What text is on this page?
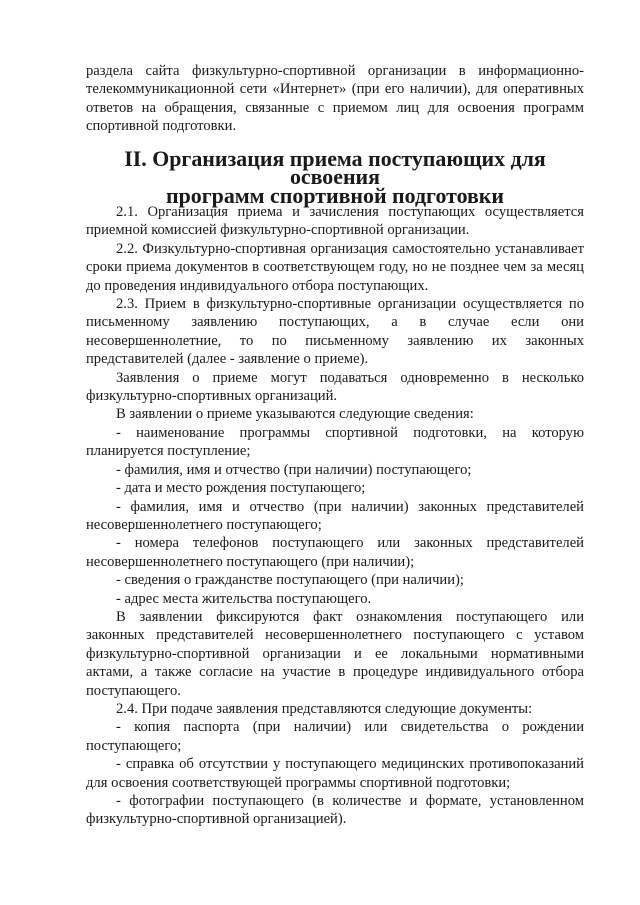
раздела сайта физкультурно-спортивной организации в информационно-телекоммуникационной сети «Интернет» (при его наличии), для оперативных ответов на обращения, связанные с приемом лиц для освоения программ спортивной подготовки.

II. Организация приема поступающих для освоения
программ спортивной подготовки

2.1. Организация приема и зачисления поступающих осуществляется приемной комиссией физкультурно-спортивной организации.

2.2. Физкультурно-спортивная организация самостоятельно устанавливает сроки приема документов в соответствующем году, но не позднее чем за месяц до проведения индивидуального отбора поступающих.

2.3. Прием в физкультурно-спортивные организации осуществляется по письменному заявлению поступающих, а в случае если они несовершеннолетние, то по письменному заявлению их законных представителей (далее - заявление о приеме).

Заявления о приеме могут подаваться одновременно в несколько физкультурно-спортивных организаций.

В заявлении о приеме указываются следующие сведения:

- наименование программы спортивной подготовки, на которую планируется поступление;

- фамилия, имя и отчество (при наличии) поступающего;

- дата и место рождения поступающего;

- фамилия, имя и отчество (при наличии) законных представителей несовершеннолетнего поступающего;

- номера телефонов поступающего или законных представителей несовершеннолетнего поступающего (при наличии);

- сведения о гражданстве поступающего (при наличии);

- адрес места жительства поступающего.

В заявлении фиксируются факт ознакомления поступающего или законных представителей несовершеннолетнего поступающего с уставом физкультурно-спортивной организации и ее локальными нормативными актами, а также согласие на участие в процедуре индивидуального отбора поступающего.

2.4. При подаче заявления представляются следующие документы:

- копия паспорта (при наличии) или свидетельства о рождении поступающего;

- справка об отсутствии у поступающего медицинских противопоказаний для освоения соответствующей программы спортивной подготовки;

- фотографии поступающего (в количестве и формате, установленном физкультурно-спортивной организацией).
